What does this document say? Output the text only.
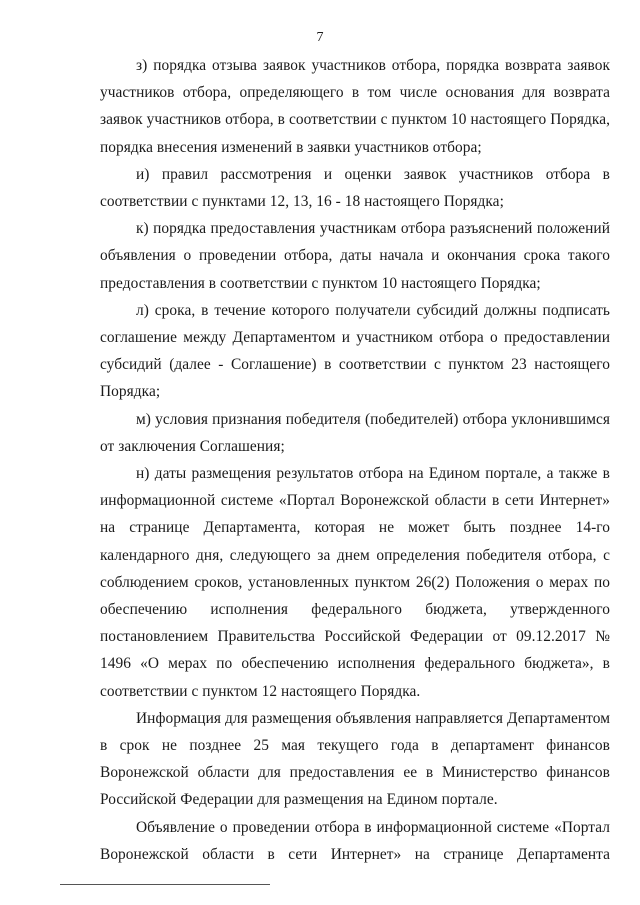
7

з) порядка отзыва заявок участников отбора, порядка возврата заявок участников отбора, определяющего в том числе основания для возврата заявок участников отбора, в соответствии с пунктом 10 настоящего Порядка, порядка внесения изменений в заявки участников отбора;

и) правил рассмотрения и оценки заявок участников отбора в соответствии с пунктами 12, 13, 16 - 18 настоящего Порядка;

к) порядка предоставления участникам отбора разъяснений положений объявления о проведении отбора, даты начала и окончания срока такого предоставления в соответствии с пунктом 10 настоящего Порядка;

л) срока, в течение которого получатели субсидий должны подписать соглашение между Департаментом и участником отбора о предоставлении субсидий (далее - Соглашение) в соответствии с пунктом 23 настоящего Порядка;

м) условия признания победителя (победителей) отбора уклонившимся от заключения Соглашения;

н) даты размещения результатов отбора на Едином портале, а также в информационной системе «Портал Воронежской области в сети Интернет» на странице Департамента, которая не может быть позднее 14-го календарного дня, следующего за днем определения победителя отбора, с соблюдением сроков, установленных пунктом 26(2) Положения о мерах по обеспечению исполнения федерального бюджета, утвержденного постановлением Правительства Российской Федерации от 09.12.2017 № 1496 «О мерах по обеспечению исполнения федерального бюджета», в соответствии с пунктом 12 настоящего Порядка.

Информация для размещения объявления направляется Департаментом в срок не позднее 25 мая текущего года в департамент финансов Воронежской области для предоставления ее в Министерство финансов Российской Федерации для размещения на Едином портале.

Объявление о проведении отбора в информационной системе «Портал Воронежской области в сети Интернет» на странице Департамента
